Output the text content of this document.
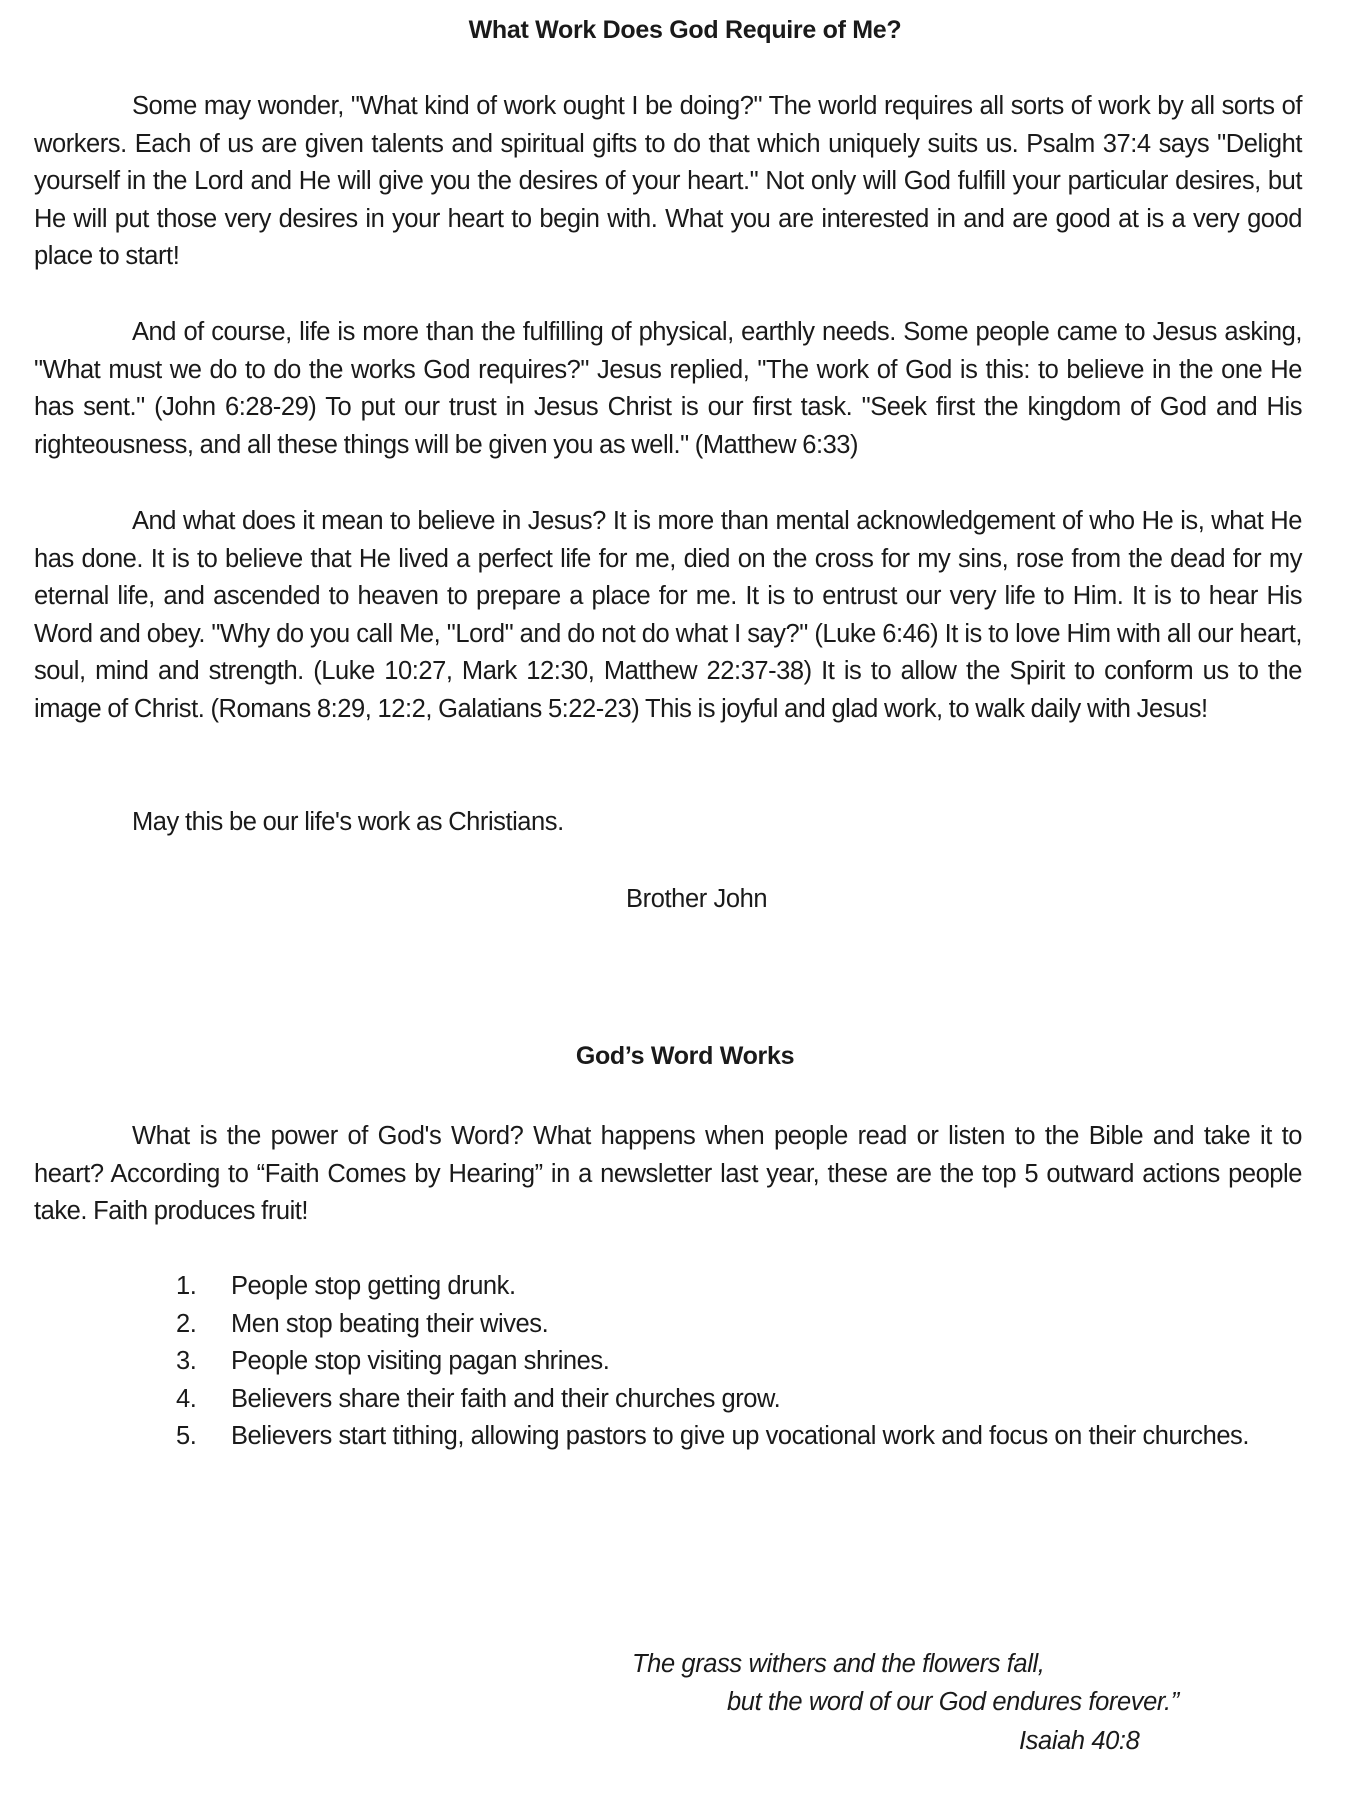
What Work Does God Require of Me?

Some may wonder, "What kind of work ought I be doing?" The world requires all sorts of work by all sorts of workers. Each of us are given talents and spiritual gifts to do that which uniquely suits us. Psalm 37:4 says "Delight yourself in the Lord and He will give you the desires of your heart." Not only will God fulfill your particular desires, but He will put those very desires in your heart to begin with. What you are interested in and are good at is a very good place to start!

And of course, life is more than the fulfilling of physical, earthly needs. Some people came to Jesus asking, "What must we do to do the works God requires?" Jesus replied, "The work of God is this: to believe in the one He has sent." (John 6:28-29) To put our trust in Jesus Christ is our first task. "Seek first the kingdom of God and His righteousness, and all these things will be given you as well." (Matthew 6:33)

And what does it mean to believe in Jesus? It is more than mental acknowledgement of who He is, what He has done. It is to believe that He lived a perfect life for me, died on the cross for my sins, rose from the dead for my eternal life, and ascended to heaven to prepare a place for me. It is to entrust our very life to Him. It is to hear His Word and obey. "Why do you call Me, "Lord" and do not do what I say?" (Luke 6:46) It is to love Him with all our heart, soul, mind and strength. (Luke 10:27, Mark 12:30, Matthew 22:37-38) It is to allow the Spirit to conform us to the image of Christ. (Romans 8:29, 12:2, Galatians 5:22-23) This is joyful and glad work, to walk daily with Jesus!

May this be our life's work as Christians.

Brother John
God’s Word Works

What is the power of God's Word? What happens when people read or listen to the Bible and take it to heart? According to “Faith Comes by Hearing” in a newsletter last year, these are the top 5 outward actions people take. Faith produces fruit!

1.	People stop getting drunk.
2.	Men stop beating their wives.
3.	People stop visiting pagan shrines.
4.	Believers share their faith and their churches grow.
5.	Believers start tithing, allowing pastors to give up vocational work and focus on their churches.
The grass withers and the flowers fall,
but the word of our God endures forever.”
Isaiah 40:8
